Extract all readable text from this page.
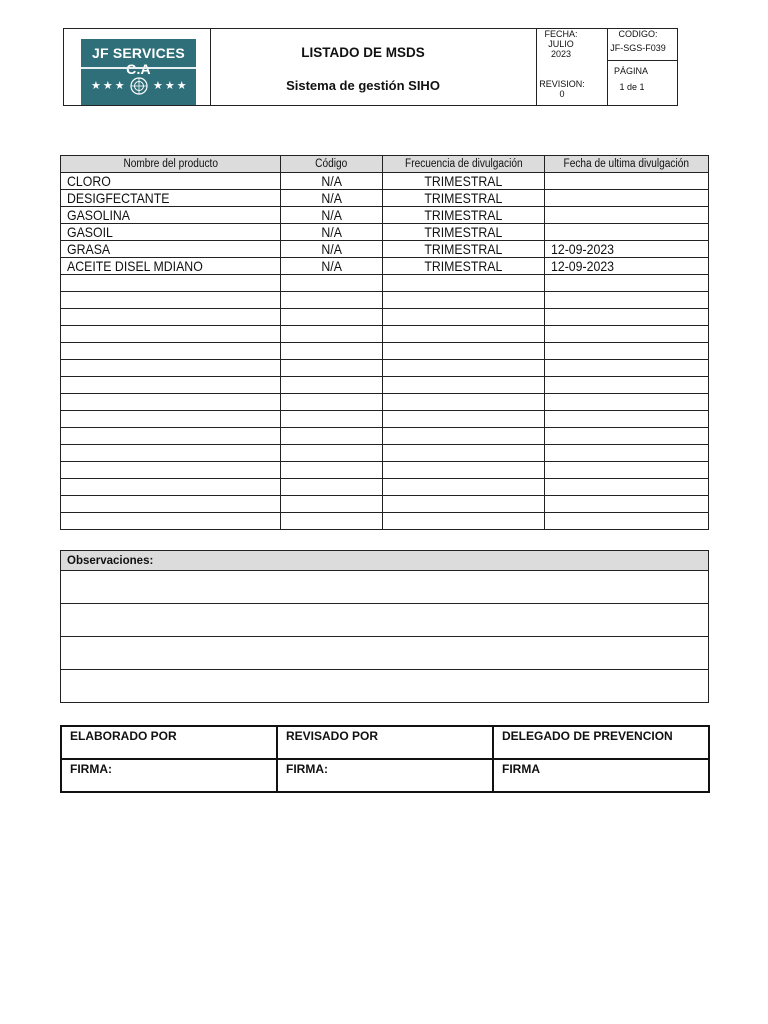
JF SERVICES C.A
★★★ ★★★
LISTADO DE MSDS
Sistema de gestión SIHO
FECHA:
JULIO
2023
REVISION: 0
CODIGO:
JF-SGS-F039
PÁGINA
1 de 1
Nombre del producto	Código	Frecuencia de divulgación	Fecha de ultima divulgación
CLORO	N/A	TRIMESTRAL	
DESIGFECTANTE	N/A	TRIMESTRAL	
GASOLINA	N/A	TRIMESTRAL	
GASOIL	N/A	TRIMESTRAL	
GRASA	N/A	TRIMESTRAL	12-09-2023
ACEITE DISEL MDIANO	N/A	TRIMESTRAL	12-09-2023

Observaciones:

ELABORADO POR	REVISADO POR	DELEGADO DE PREVENCION
FIRMA:	FIRMA:	FIRMA
